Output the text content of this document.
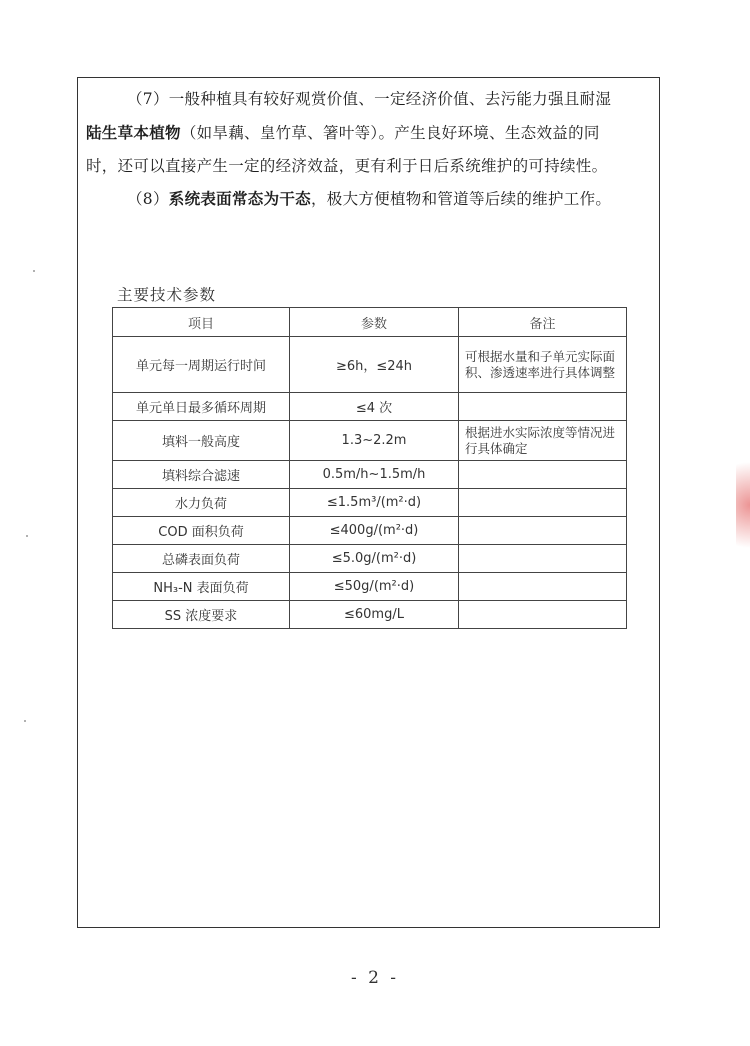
（7）一般种植具有较好观赏价值、一定经济价值、去污能力强且耐湿
陆生草本植物（如旱藕、皇竹草、箸叶等）。产生良好环境、生态效益的同
时，还可以直接产生一定的经济效益，更有利于日后系统维护的可持续性。
（8）系统表面常态为干态，极大方便植物和管道等后续的维护工作。
主要技术参数
项目	参数	备注
单元每一周期运行时间	≥6h，≤24h	可根据水量和子单元实际面积、渗透速率进行具体调整
单元单日最多循环周期	≤4 次	
填料一般高度	1.3~2.2m	根据进水实际浓度等情况进行具体确定
填料综合滤速	0.5m/h~1.5m/h	
水力负荷	≤1.5m³/(m²·d)	
COD 面积负荷	≤400g/(m²·d)	
总磷表面负荷	≤5.0g/(m²·d)	
NH₃-N 表面负荷	≤50g/(m²·d)	
SS 浓度要求	≤60mg/L	
- 2 -
